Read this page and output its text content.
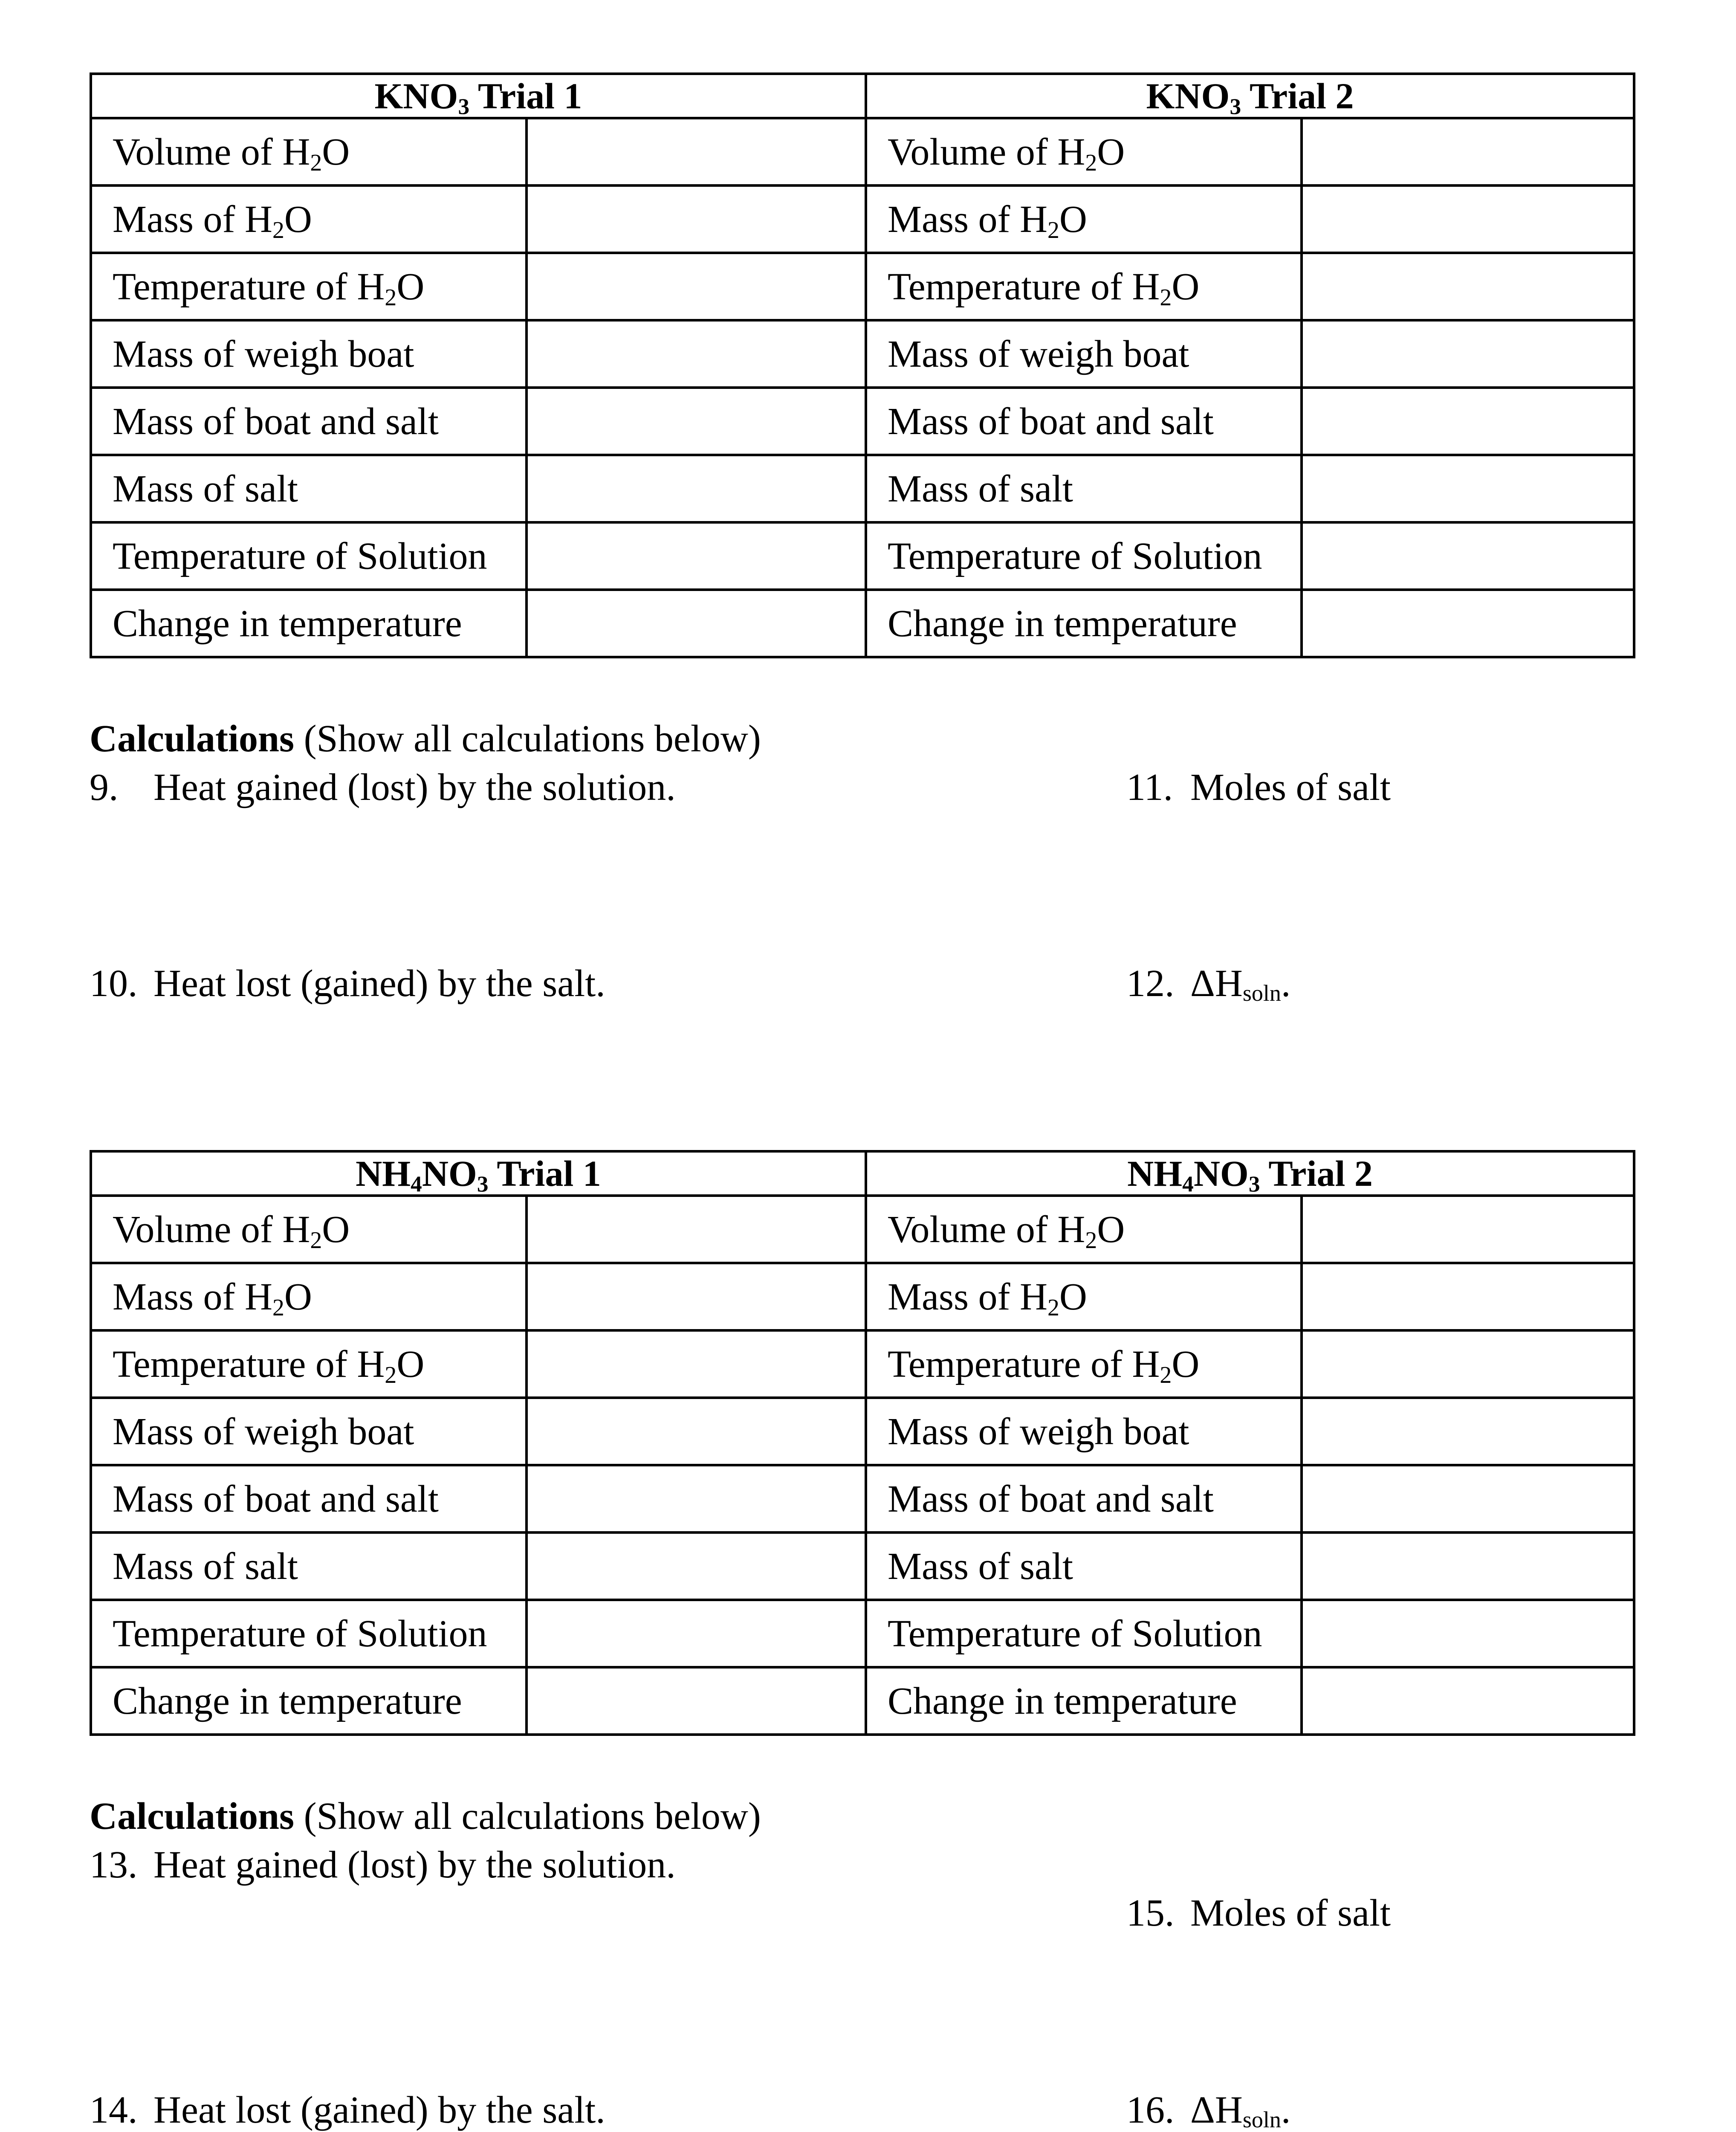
$KNO_3$ Trial 1		$KNO_3$ Trial 2	
Volume of $H_2O$		Volume of $H_2O$	
Mass of $H_2O$		Mass of $H_2O$	
Temperature of $H_2O$		Temperature of $H_2O$	
Mass of weigh boat		Mass of weigh boat	
Mass of boat and salt		Mass of boat and salt	
Mass of salt		Mass of salt	
Temperature of Solution		Temperature of Solution	
Change in temperature		Change in temperature	
Calculations (Show all calculations below)
9. Heat gained (lost) by the solution.
10. Heat lost (gained) by the salt.
11. Moles of salt
12. $\Delta H_{soln}$.
$NH_4NO_3$ Trial 1		$NH_4NO_3$ Trial 2	
Volume of $H_2O$		Volume of $H_2O$	
Mass of $H_2O$		Mass of $H_2O$	
Temperature of $H_2O$		Temperature of $H_2O$	
Mass of weigh boat		Mass of weigh boat	
Mass of boat and salt		Mass of boat and salt	
Mass of salt		Mass of salt	
Temperature of Solution		Temperature of Solution	
Change in temperature		Change in temperature	
Calculations (Show all calculations below)
13. Heat gained (lost) by the solution.
14. Heat lost (gained) by the salt.
15. Moles of salt
16. $\Delta H_{soln}$.
